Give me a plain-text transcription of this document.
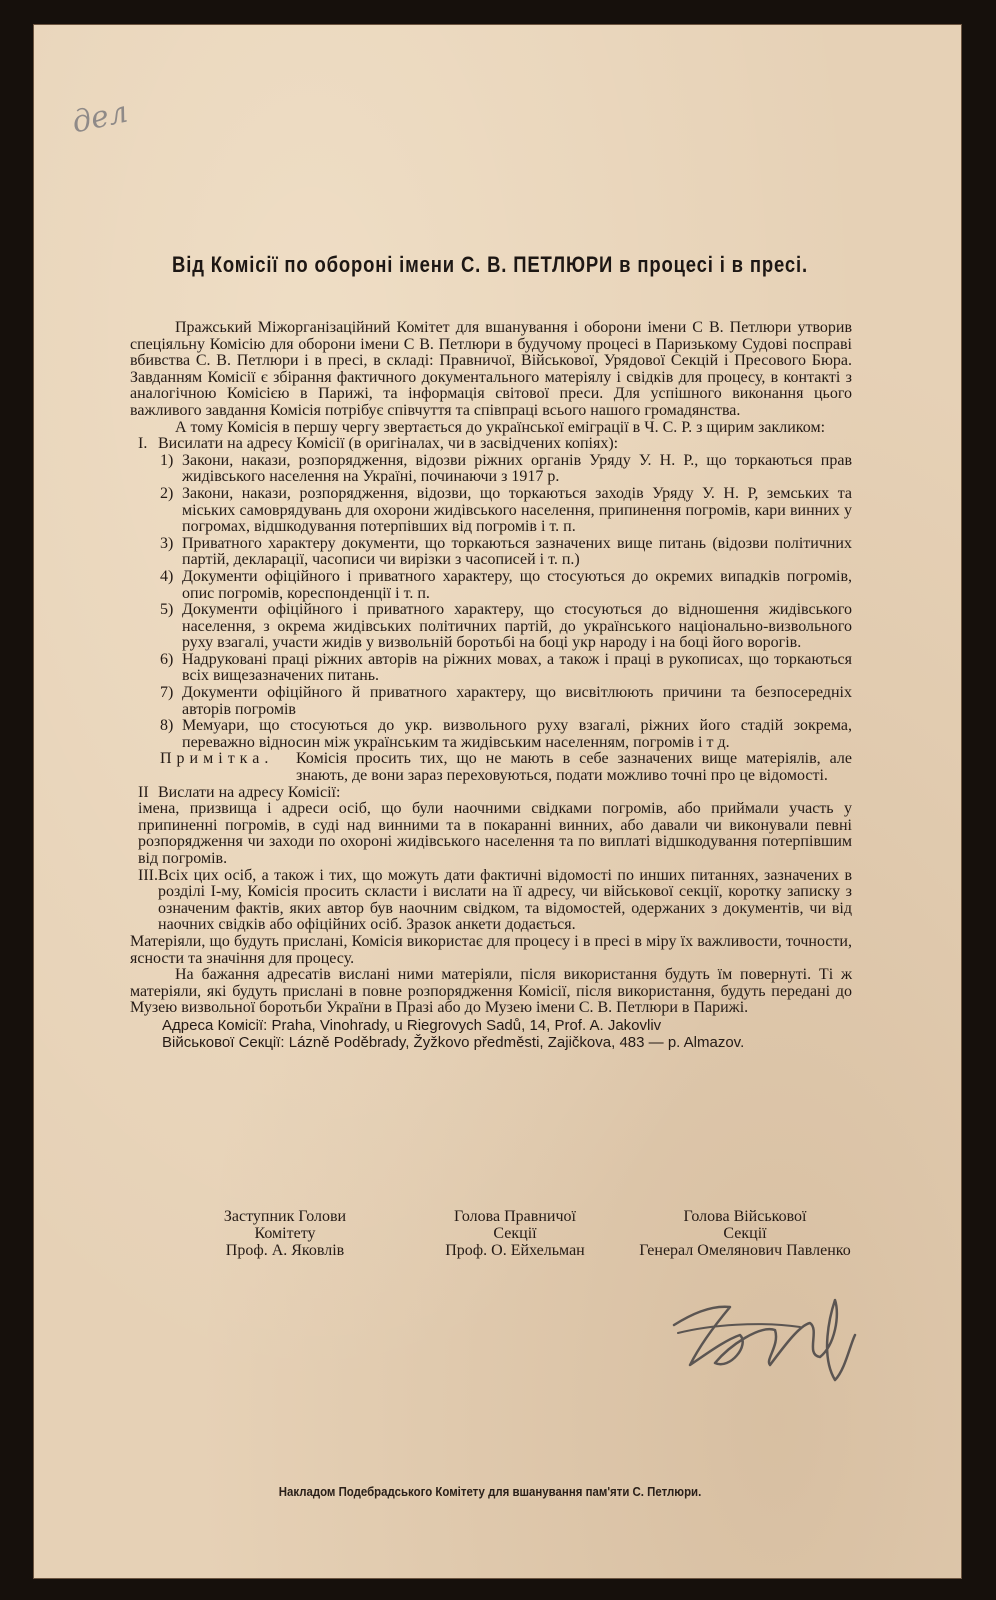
дел
Від Комісії по обороні імени С. В. ПЕТЛЮРИ в процесі і в пресі.

Пражський Міжорганізаційний Комітет для вшанування і оборони імени С В. Петлюри утворив спеціяльну Комісію для оборони імени С В. Петлюри в будучому процесі в Паризькому Судові посправі вбивства С. В. Петлюри і в пресі, в складі: Правничої, Військової, Урядової Секцій і Пресового Бюра. Завданням Комісії є збірання фактичного документального матеріялу і свідків для процесу, в контакті з аналогічною Комісією в Парижі, та інформація світової преси. Для успішного виконання цього важливого завдання Комісія потрібує співчуття та співпраці всього нашого громадянства.

А тому Комісія в першу чергу звертається до української еміграції в Ч. С. Р. з щирим закликом:

I. Висилати на адресу Комісії (в оригіналах, чи в засвідчених копіях):
1) Закони, накази, розпорядження, відозви ріжних органів Уряду У. Н. Р., що торкаються прав жидівського населення на Україні, починаючи з 1917 р.
2) Закони, накази, розпорядження, відозви, що торкаються заходів Уряду У. Н. Р, земських та міських самоврядувань для охорони жидівського населення, припинення погромів, кари винних у погромах, відшкодування потерпівших від погромів і т. п.
3) Приватного характеру документи, що торкаються зазначених вище питань (відозви політичних партій, декларації, часописи чи вирізки з часописей і т. п.)
4) Документи офіційного і приватного характеру, що стосуються до окремих випадків погромів, опис погромів, кореспонденції і т. п.
5) Документи офіційного і приватного характеру, що стосуються до відношення жидівського населення, з окрема жидівських політичних партій, до українського національно-визвольного руху взагалі, участи жидів у визвольній боротьбі на боці укр народу і на боці його ворогів.
6) Надруковані праці ріжних авторів на ріжних мовах, а також і праці в рукописах, що торкаються всіх вищезазначених питань.
7) Документи офіційного й приватного характеру, що висвітлюють причини та безпосередніх авторів погромів
8) Мемуари, що стосуються до укр. визвольного руху взагалі, ріжних його стадій зокрема, переважно відносин між українським та жидівським населенням, погромів і т д.
Примітка.	Комісія просить тих, що не мають в себе зазначених вище матеріялів, але знають, де вони зараз переховуються, подати можливо точні про це відомості.
II Вислати на адресу Комісії:

імена, призвища і адреси осіб, що були наочними свідками погромів, або приймали участь у припиненні погромів, в суді над винними та в покаранні винних, або давали чи виконували певні розпорядження чи заходи по охороні жидівського населення та по виплаті відшкодування потерпівшим від погромів.

III. Всіх цих осіб, а також і тих, що можуть дати фактичні відомості по инших питаннях, зазначених в розділі I-му, Комісія просить скласти і вислати на її адресу, чи військової секції, коротку записку з означеним фактів, яких автор був наочним свідком, та відомостей, одержаних з документів, чи від наочних свідків або офіційних осіб. Зразок анкети додається.

Матеріяли, що будуть прислані, Комісія використає для процесу і в пресі в міру їх важливости, точности, ясности та значіння для процесу.

На бажання адресатів вислані ними матеріяли, після використання будуть їм повернуті. Ті ж матеріяли, які будуть прислані в повне розпорядження Комісії, після використання, будуть передані до Музею визвольної боротьби України в Празі або до Музею імени С. В. Петлюри в Парижі.

Адреса Комісії: Praha, Vinohrady, u Riegrovych Sadů, 14, Prof. A. Jakovliv
Військової Секції: Lázně Poděbrady, Žyžkovo předměsti, Zajičkova, 483 — p. Almazov.
Заступник Голови
Комітету
Проф. А. Яковлів
Голова Правничої
Секції
Проф. О. Ейхельман
Голова Військової
Секції
Генерал Омелянович Павленко
Накладом Подебрадського Комітету для вшанування пам'яти С. Петлюри.
